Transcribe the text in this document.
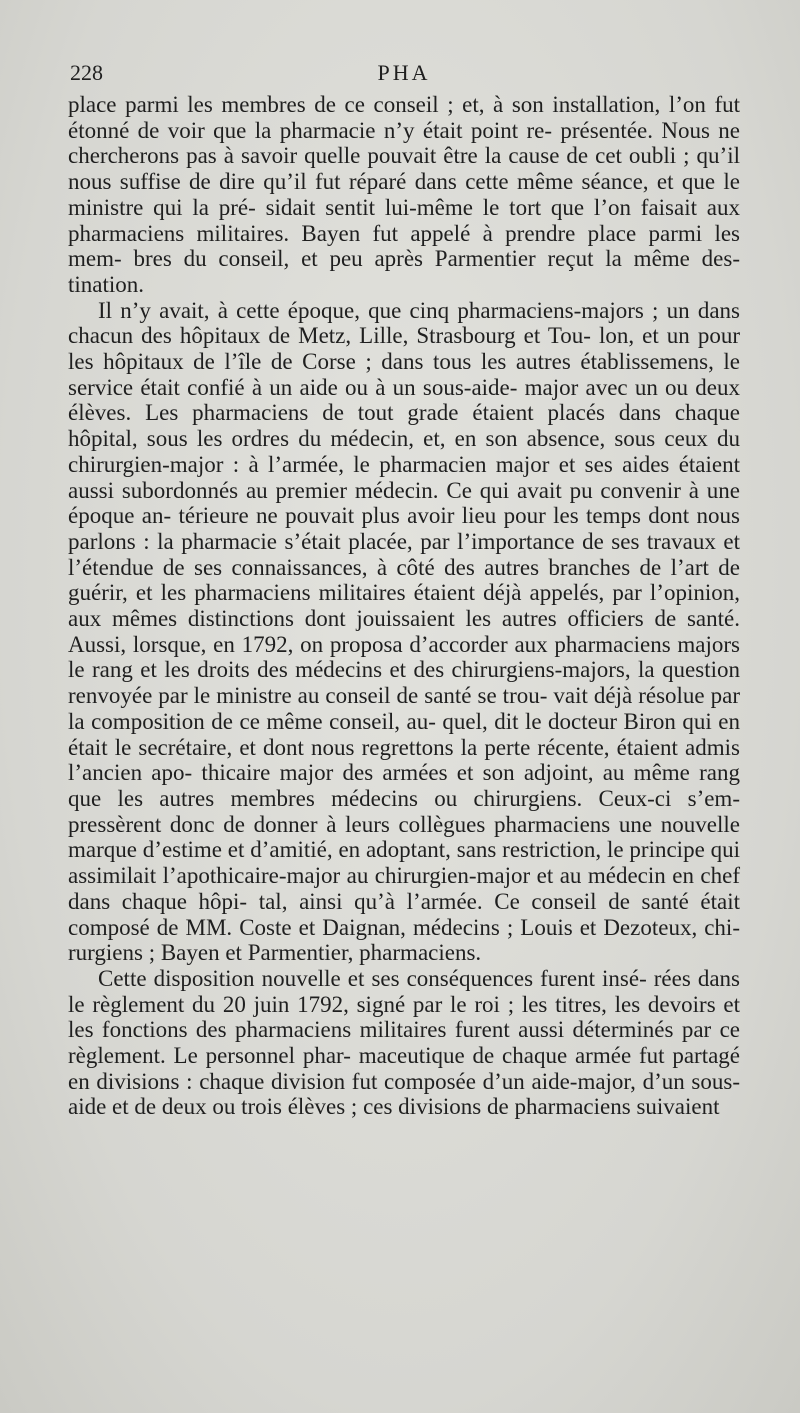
228	PHA

place parmi les membres de ce conseil ; et, à son installation, l’on fut étonné de voir que la pharmacie n’y était point re- présentée. Nous ne chercherons pas à savoir quelle pouvait être la cause de cet oubli ; qu’il nous suffise de dire qu’il fut réparé dans cette même séance, et que le ministre qui la pré- sidait sentit lui-même le tort que l’on faisait aux pharmaciens militaires. Bayen fut appelé à prendre place parmi les mem- bres du conseil, et peu après Parmentier reçut la même des- tination.

Il n’y avait, à cette époque, que cinq pharmaciens-majors ; un dans chacun des hôpitaux de Metz, Lille, Strasbourg et Tou- lon, et un pour les hôpitaux de l’île de Corse ; dans tous les autres établissemens, le service était confié à un aide ou à un sous-aide- major avec un ou deux élèves. Les pharmaciens de tout grade étaient placés dans chaque hôpital, sous les ordres du médecin, et, en son absence, sous ceux du chirurgien-major : à l’armée, le pharmacien major et ses aides étaient aussi subordonnés au premier médecin. Ce qui avait pu convenir à une époque an- térieure ne pouvait plus avoir lieu pour les temps dont nous parlons : la pharmacie s’était placée, par l’importance de ses travaux et l’étendue de ses connaissances, à côté des autres branches de l’art de guérir, et les pharmaciens militaires étaient déjà appelés, par l’opinion, aux mêmes distinctions dont jouissaient les autres officiers de santé. Aussi, lorsque, en 1792, on proposa d’accorder aux pharmaciens majors le rang et les droits des médecins et des chirurgiens-majors, la question renvoyée par le ministre au conseil de santé se trou- vait déjà résolue par la composition de ce même conseil, au- quel, dit le docteur Biron qui en était le secrétaire, et dont nous regrettons la perte récente, étaient admis l’ancien apo- thicaire major des armées et son adjoint, au même rang que les autres membres médecins ou chirurgiens. Ceux-ci s’em- pressèrent donc de donner à leurs collègues pharmaciens une nouvelle marque d’estime et d’amitié, en adoptant, sans restriction, le principe qui assimilait l’apothicaire-major au chirurgien-major et au médecin en chef dans chaque hôpi- tal, ainsi qu’à l’armée. Ce conseil de santé était composé de MM. Coste et Daignan, médecins ; Louis et Dezoteux, chi- rurgiens ; Bayen et Parmentier, pharmaciens.

Cette disposition nouvelle et ses conséquences furent insé- rées dans le règlement du 20 juin 1792, signé par le roi ; les titres, les devoirs et les fonctions des pharmaciens militaires furent aussi déterminés par ce règlement. Le personnel phar- maceutique de chaque armée fut partagé en divisions : chaque division fut composée d’un aide-major, d’un sous-aide et de deux ou trois élèves ; ces divisions de pharmaciens suivaient
